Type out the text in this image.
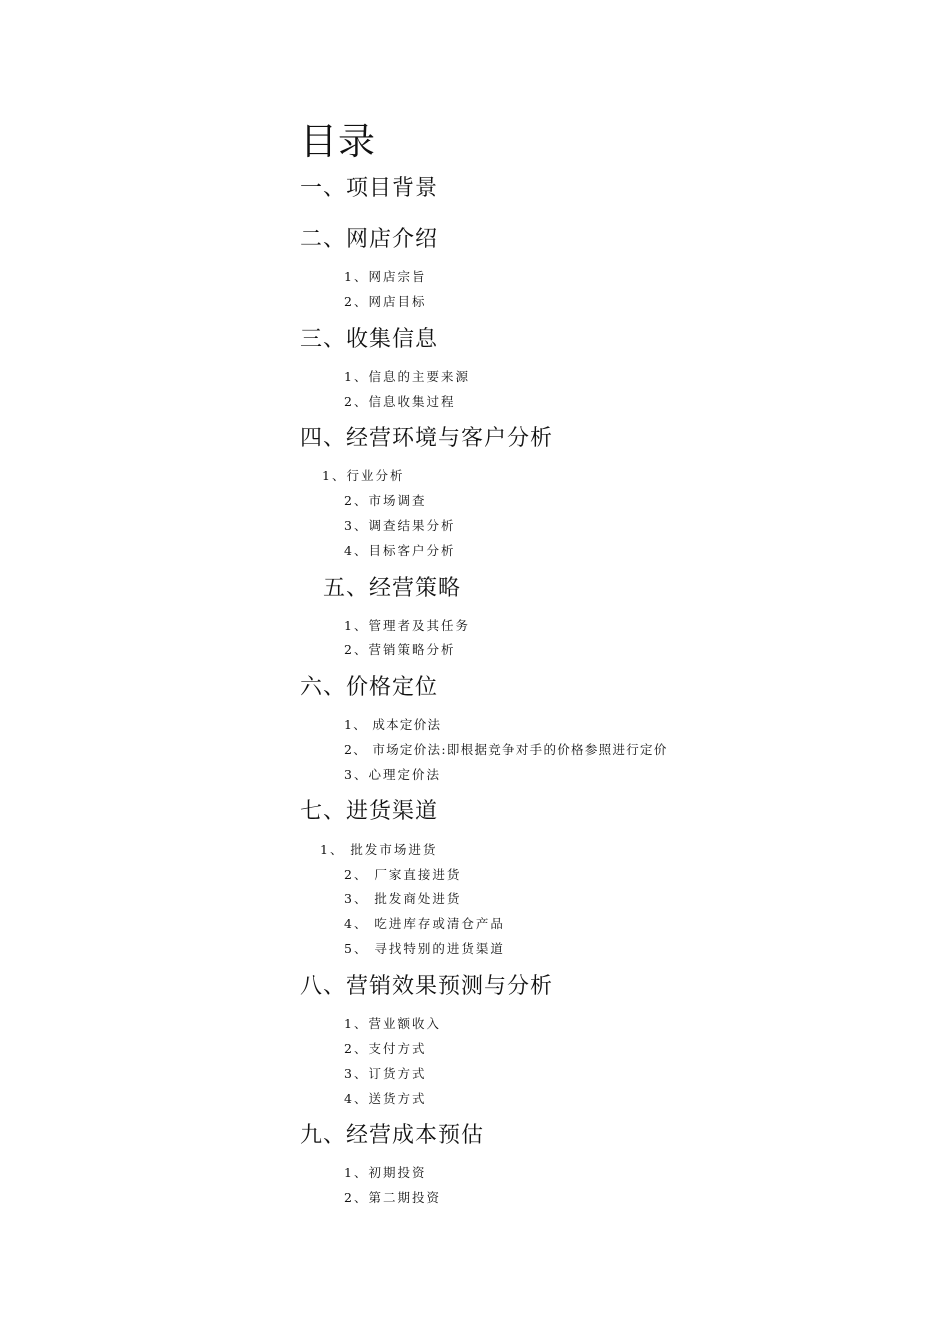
目录
一、项目背景
二、网店介绍
1、网店宗旨
2、网店目标
三、收集信息
1、信息的主要来源
2、信息收集过程
四、经营环境与客户分析
1、行业分析
2、市场调查
3、调查结果分析
4、目标客户分析
五、经营策略
1、管理者及其任务
2、营销策略分析
六、价格定位
1、 成本定价法
2、 市场定价法:即根据竞争对手的价格参照进行定价
3、心理定价法
七、进货渠道
1、 批发市场进货
2、 厂家直接进货
3、 批发商处进货
4、 吃进库存或清仓产品
5、 寻找特别的进货渠道
八、营销效果预测与分析
1、营业额收入
2、支付方式
3、订货方式
4、送货方式
九、经营成本预估
1、初期投资
2、第二期投资
